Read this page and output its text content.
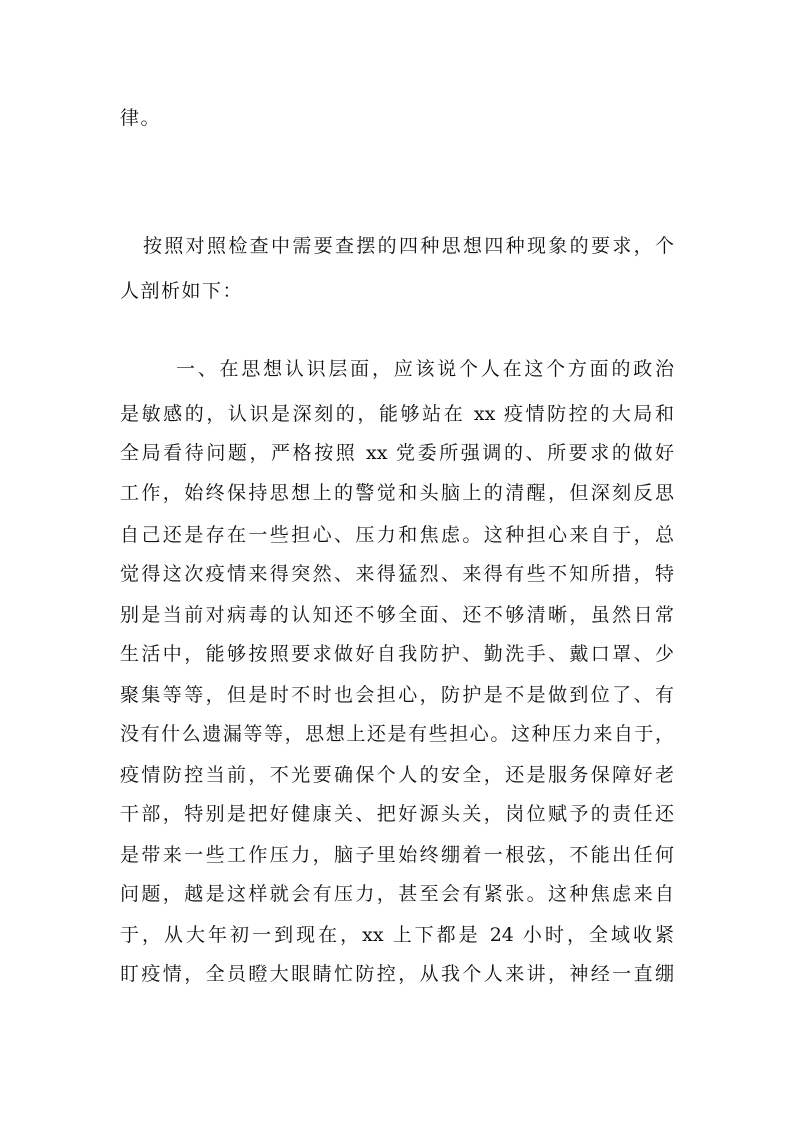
律。
按照对照检查中需要查摆的四种思想四种现象的要求，个
人剖析如下：
一、在思想认识层面，应该说个人在这个方面的政治
是敏感的，认识是深刻的，能够站在 xx 疫情防控的大局和
全局看待问题，严格按照 xx 党委所强调的、所要求的做好
工作，始终保持思想上的警觉和头脑上的清醒，但深刻反思
自己还是存在一些担心、压力和焦虑。这种担心来自于，总
觉得这次疫情来得突然、来得猛烈、来得有些不知所措，特
别是当前对病毒的认知还不够全面、还不够清晰，虽然日常
生活中，能够按照要求做好自我防护、勤洗手、戴口罩、少
聚集等等，但是时不时也会担心，防护是不是做到位了、有
没有什么遗漏等等，思想上还是有些担心。这种压力来自于，
疫情防控当前，不光要确保个人的安全，还是服务保障好老
干部，特别是把好健康关、把好源头关，岗位赋予的责任还
是带来一些工作压力，脑子里始终绷着一根弦，不能出任何
问题，越是这样就会有压力，甚至会有紧张。这种焦虑来自
于，从大年初一到现在，xx 上下都是 24 小时，全域收紧
盯疫情，全员瞪大眼睛忙防控，从我个人来讲，神经一直绷
